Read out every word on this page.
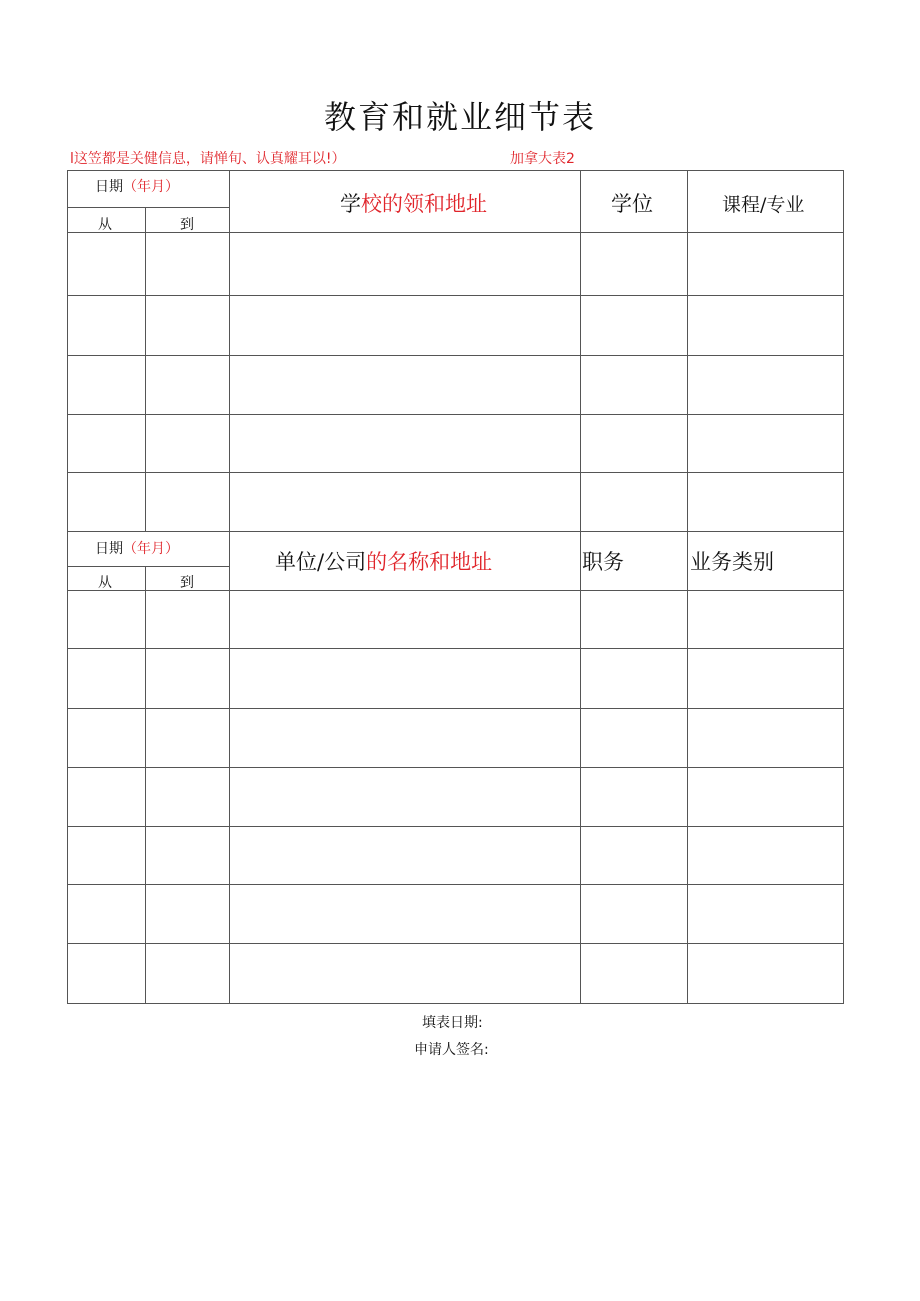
教育和就业细节表
l这笠都是关健信息，请惮旬、认真耀耳以!）	加拿大表2
日期（年月）
从	到
学校的领和地址	学位	课程/专业
日期（年月）
从	到
单位/公司的名称和地址	职务	业务类别
填表日期:
申请人签名:
